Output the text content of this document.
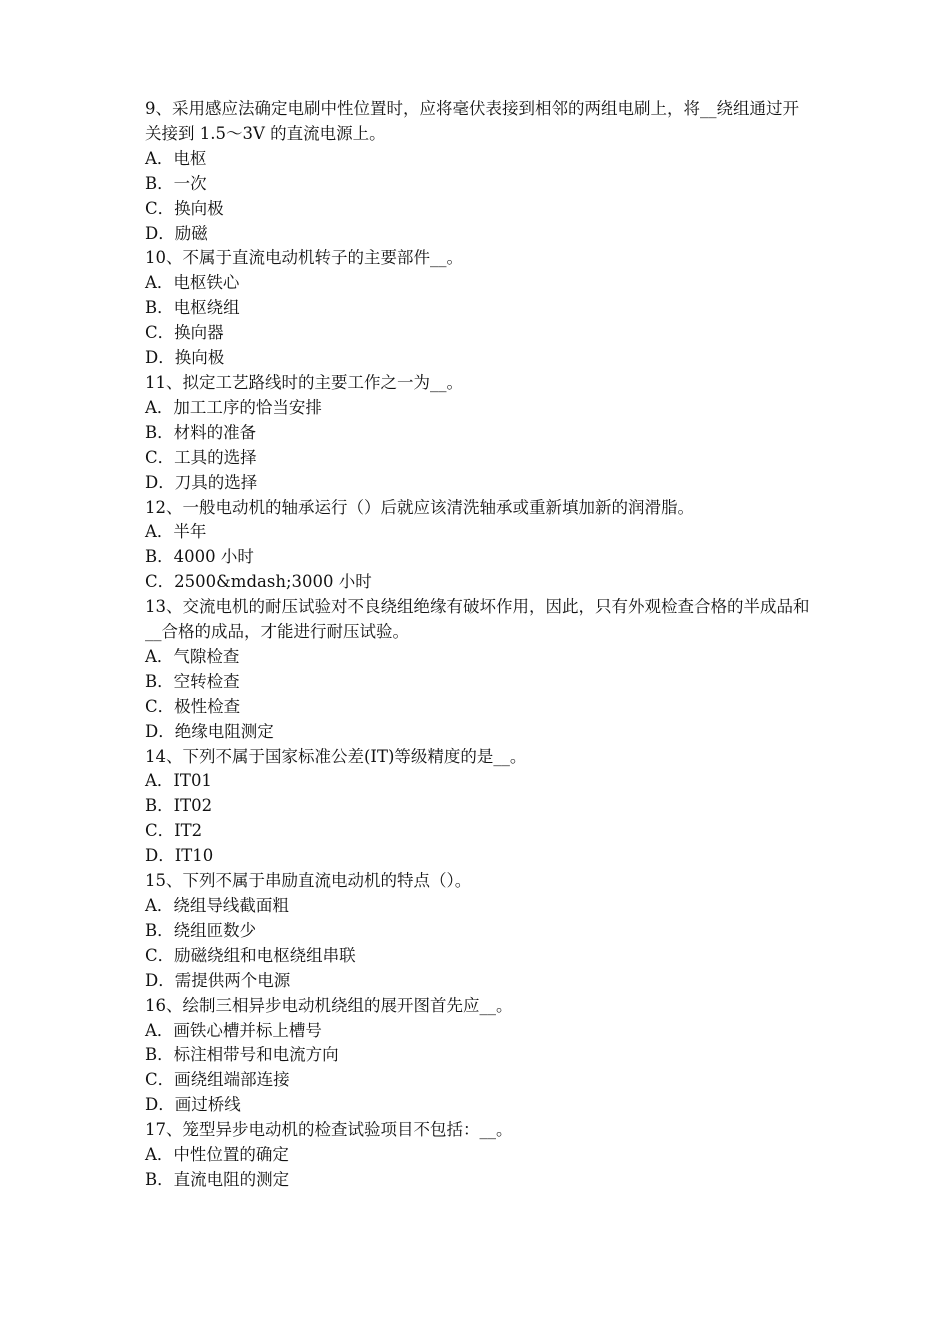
9、采用感应法确定电刷中性位置时，应将毫伏表接到相邻的两组电刷上，将__绕组通过开关接到 1.5～3V 的直流电源上。

A．电枢

B．一次

C．换向极

D．励磁

10、不属于直流电动机转子的主要部件__。

A．电枢铁心

B．电枢绕组

C．换向器

D．换向极

11、拟定工艺路线时的主要工作之一为__。

A．加工工序的恰当安排

B．材料的准备

C．工具的选择

D．刀具的选择

12、一般电动机的轴承运行（）后就应该清洗轴承或重新填加新的润滑脂。

A．半年

B．4000 小时

C．2500&mdash;3000 小时

13、交流电机的耐压试验对不良绕组绝缘有破坏作用，因此，只有外观检查合格的半成品和__合格的成品，才能进行耐压试验。

A．气隙检查

B．空转检查

C．极性检查

D．绝缘电阻测定

14、下列不属于国家标准公差(IT)等级精度的是__。

A．IT01

B．IT02

C．IT2

D．IT10

15、下列不属于串励直流电动机的特点（）。

A．绕组导线截面粗

B．绕组匝数少

C．励磁绕组和电枢绕组串联

D．需提供两个电源

16、绘制三相异步电动机绕组的展开图首先应__。

A．画铁心槽并标上槽号

B．标注相带号和电流方向

C．画绕组端部连接

D．画过桥线

17、笼型异步电动机的检查试验项目不包括：__。

A．中性位置的确定

B．直流电阻的测定
